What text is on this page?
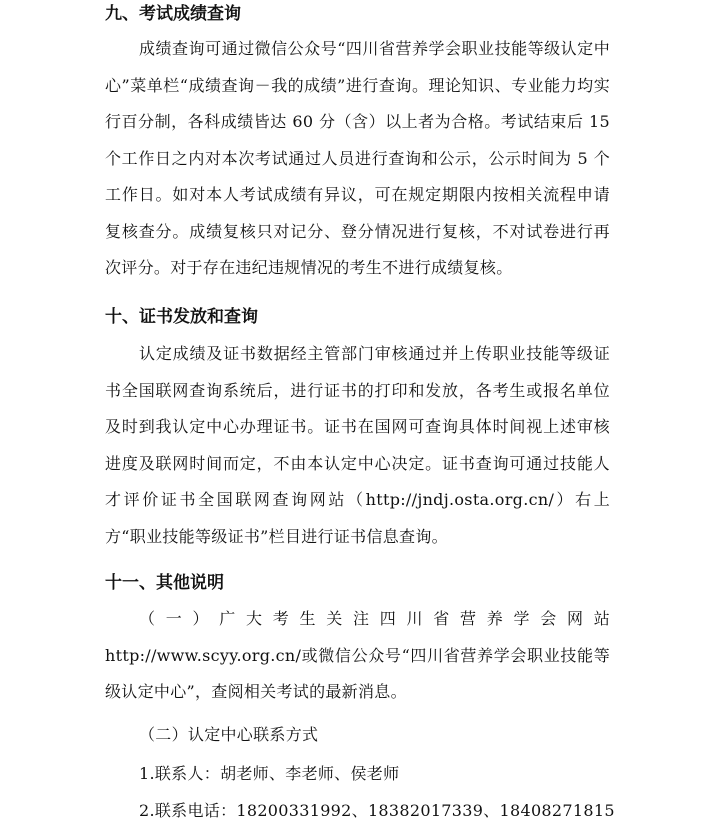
九、考试成绩查询
成绩查询可通过微信公众号“四川省营养学会职业技能等级认定中心”菜单栏“成绩查询－我的成绩”进行查询。理论知识、专业能力均实行百分制，各科成绩皆达 60 分（含）以上者为合格。考试结束后 15 个工作日之内对本次考试通过人员进行查询和公示，公示时间为 5 个工作日。如对本人考试成绩有异议，可在规定期限内按相关流程申请复核查分。成绩复核只对记分、登分情况进行复核，不对试卷进行再次评分。对于存在违纪违规情况的考生不进行成绩复核。
十、证书发放和查询
认定成绩及证书数据经主管部门审核通过并上传职业技能等级证书全国联网查询系统后，进行证书的打印和发放，各考生或报名单位及时到我认定中心办理证书。证书在国网可查询具体时间视上述审核进度及联网时间而定，不由本认定中心决定。证书查询可通过技能人才评价证书全国联网查询网站（http://jndj.osta.org.cn/）右上方“职业技能等级证书”栏目进行证书信息查询。
十一、其他说明
（一）广大考生关注四川省营养学会网站 http://www.scyy.org.cn/或微信公众号“四川省营养学会职业技能等级认定中心”，查阅相关考试的最新消息。
（二）认定中心联系方式
1.联系人：胡老师、李老师、侯老师
2.联系电话：18200331992、18382017339、18408271815
